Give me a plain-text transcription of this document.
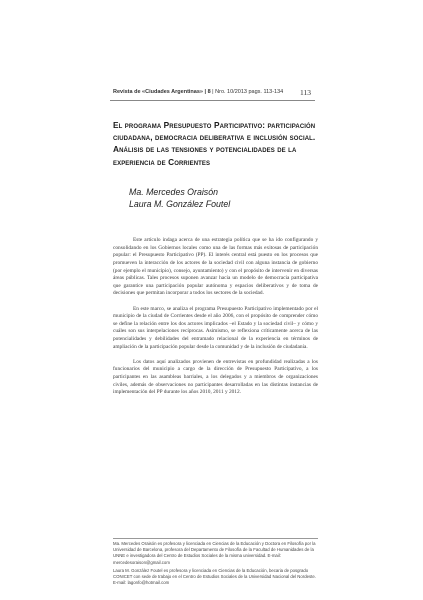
Revista de «Ciudades Argentinas» | 8 | Nro. 10/2013 pags. 113-134	113
El programa Presupuesto Participativo: participación ciudadana, democracia deliberativa e inclusión social. Análisis de las tensiones y potencialidades de la experiencia de Corrientes
Ma. Mercedes Oraisón
Laura M. González Foutel

Este artículo indaga acerca de una estrategia política que se ha ido configurando y consolidando en los Gobiernos locales como una de las formas más exitosas de participación popular: el Presupuesto Participativo (PP). El interés central está puesto en los procesos que promueven la interacción de los actores de la sociedad civil con alguna instancia de gobierno (por ejemplo el municipio), consejo, ayuntamiento) y con el propósito de intervenir en diversas áreas públicas. Tales procesos suponen avanzar hacia un modelo de democracia participativa que garantice una participación popular autónoma y espacios deliberativos y de toma de decisiones que permitan incorporar a todos los sectores de la sociedad.

En este marco, se analiza el programa Presupuesto Participativo implementado por el municipio de la ciudad de Corrientes desde el año 2006, con el propósito de comprender cómo se define la relación entre los dos actores implicados –el Estado y la sociedad civil– y cómo y cuáles son sus interpelaciones recíprocas. Asimismo, se reflexiona críticamente acerca de las potencialidades y debilidades del entramado relacional de la experiencia en términos de ampliación de la participación popular desde la comunidad y de la inclusión de ciudadanía.

Los datos aquí analizados provienen de entrevistas en profundidad realizadas a los funcionarios del municipio a cargo de la dirección de Presupuesto Participativo, a los participantes en las asambleas barriales, a los delegados y a miembros de organizaciones civiles, además de observaciones no participantes desarrolladas en las distintas instancias de implementación del PP durante los años 2010, 2011 y 2012.

Ma. Mercedes Oraisón es profesora y licenciada en Ciencias de la Educación y Doctora en Filosofía por la Universidad de Barcelona, profesora del Departamento de Filosofía de la Facultad de Humanidades de la UNNE e investigadora del Centro de Estudios Sociales de la misma universidad. E-mail: mercedesoraison@gmail.com

Laura M. González Foutel es profesora y licenciada en Ciencias de la Educación, becaria de posgrado CONICET con sede de trabajo en el Centro de Estudios Sociales de la Universidad Nacional del Nordeste. E-mail: lagonfo@hotmail.com
